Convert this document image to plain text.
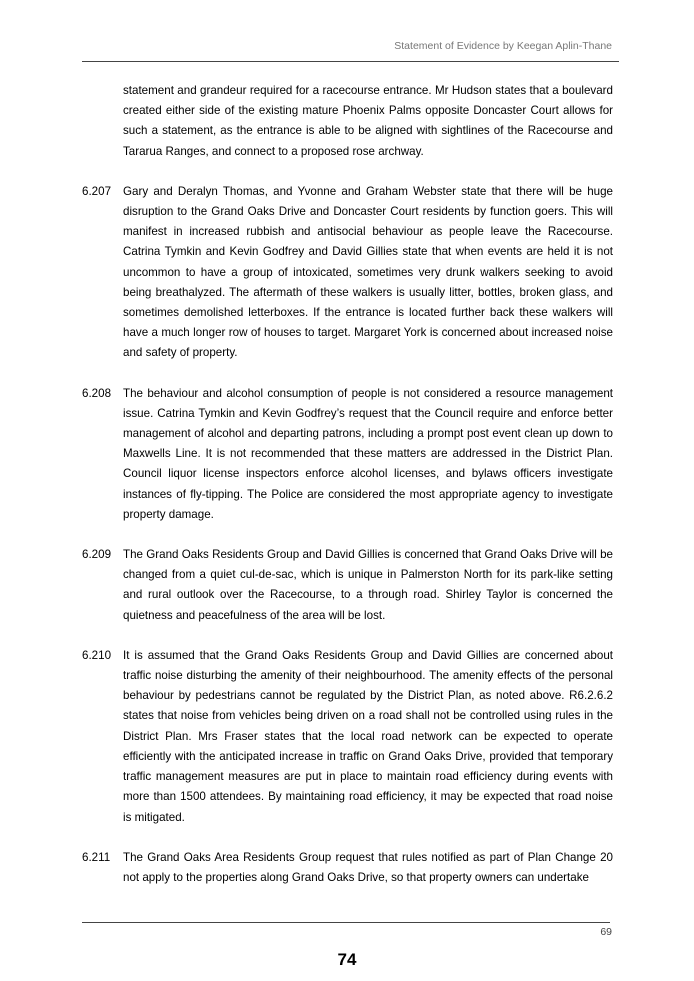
Statement of Evidence by Keegan Aplin-Thane
statement and grandeur required for a racecourse entrance. Mr Hudson states that a boulevard created either side of the existing mature Phoenix Palms opposite Doncaster Court allows for such a statement, as the entrance is able to be aligned with sightlines of the Racecourse and Tararua Ranges, and connect to a proposed rose archway.
6.207	Gary and Deralyn Thomas, and Yvonne and Graham Webster state that there will be huge disruption to the Grand Oaks Drive and Doncaster Court residents by function goers. This will manifest in increased rubbish and antisocial behaviour as people leave the Racecourse. Catrina Tymkin and Kevin Godfrey and David Gillies state that when events are held it is not uncommon to have a group of intoxicated, sometimes very drunk walkers seeking to avoid being breathalyzed. The aftermath of these walkers is usually litter, bottles, broken glass, and sometimes demolished letterboxes. If the entrance is located further back these walkers will have a much longer row of houses to target. Margaret York is concerned about increased noise and safety of property.
6.208	The behaviour and alcohol consumption of people is not considered a resource management issue. Catrina Tymkin and Kevin Godfrey’s request that the Council require and enforce better management of alcohol and departing patrons, including a prompt post event clean up down to Maxwells Line. It is not recommended that these matters are addressed in the District Plan. Council liquor license inspectors enforce alcohol licenses, and bylaws officers investigate instances of fly-tipping. The Police are considered the most appropriate agency to investigate property damage.
6.209	The Grand Oaks Residents Group and David Gillies is concerned that Grand Oaks Drive will be changed from a quiet cul-de-sac, which is unique in Palmerston North for its park-like setting and rural outlook over the Racecourse, to a through road. Shirley Taylor is concerned the quietness and peacefulness of the area will be lost.
6.210	It is assumed that the Grand Oaks Residents Group and David Gillies are concerned about traffic noise disturbing the amenity of their neighbourhood. The amenity effects of the personal behaviour by pedestrians cannot be regulated by the District Plan, as noted above. R6.2.6.2 states that noise from vehicles being driven on a road shall not be controlled using rules in the District Plan. Mrs Fraser states that the local road network can be expected to operate efficiently with the anticipated increase in traffic on Grand Oaks Drive, provided that temporary traffic management measures are put in place to maintain road efficiency during events with more than 1500 attendees. By maintaining road efficiency, it may be expected that road noise is mitigated.
6.211	The Grand Oaks Area Residents Group request that rules notified as part of Plan Change 20 not apply to the properties along Grand Oaks Drive, so that property owners can undertake
69
74
